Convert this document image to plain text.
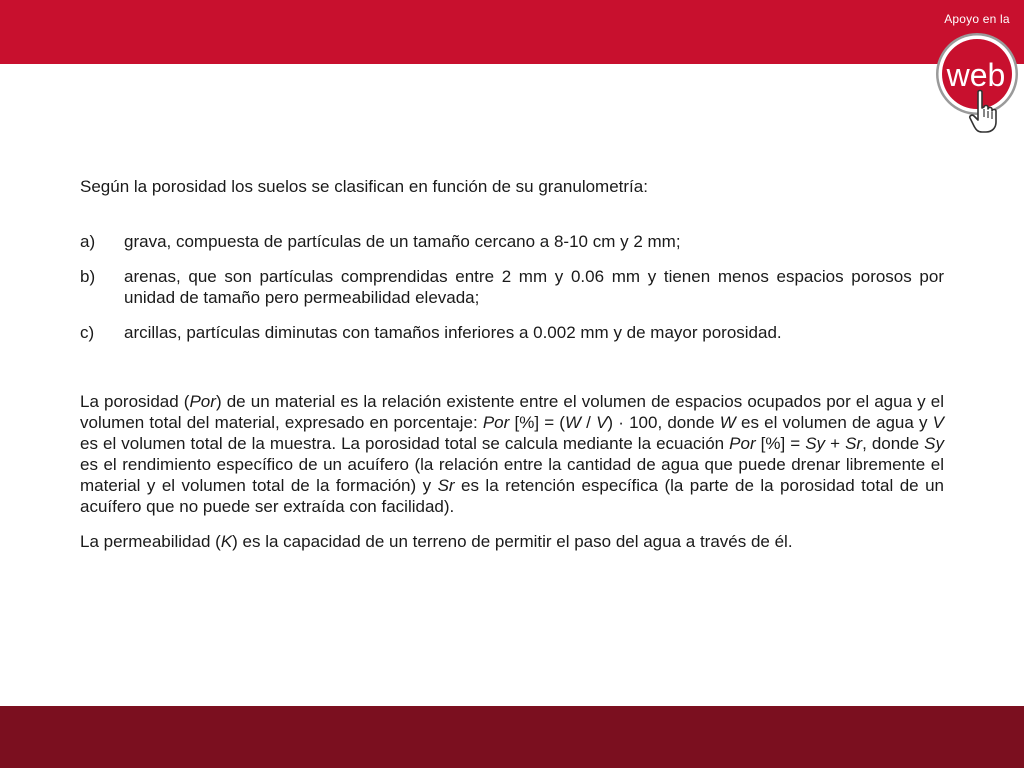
Apoyo en la
web

Según la porosidad los suelos se clasifican en función de su granulometría:

a) grava, compuesta de partículas de un tamaño cercano a 8-10 cm y 2 mm;
b) arenas, que son partículas comprendidas entre 2 mm y 0.06 mm y tienen menos espacios porosos por unidad de tamaño pero permeabilidad elevada;
c) arcillas, partículas diminutas con tamaños inferiores a 0.002 mm y de mayor porosidad.

La porosidad (Por) de un material es la relación existente entre el volumen de espacios ocupados por el agua y el volumen total del material, expresado en porcentaje: Por [%] = (W / V) · 100, donde W es el volumen de agua y V es el volumen total de la muestra. La porosidad total se calcula mediante la ecuación Por [%] = Sy + Sr, donde Sy es el rendimiento específico de un acuífero (la relación entre la cantidad de agua que puede drenar libremente el material y el volumen total de la formación) y Sr es la retención específica (la parte de la porosidad total de un acuífero que no puede ser extraída con facilidad).

La permeabilidad (K) es la capacidad de un terreno de permitir el paso del agua a través de él.
